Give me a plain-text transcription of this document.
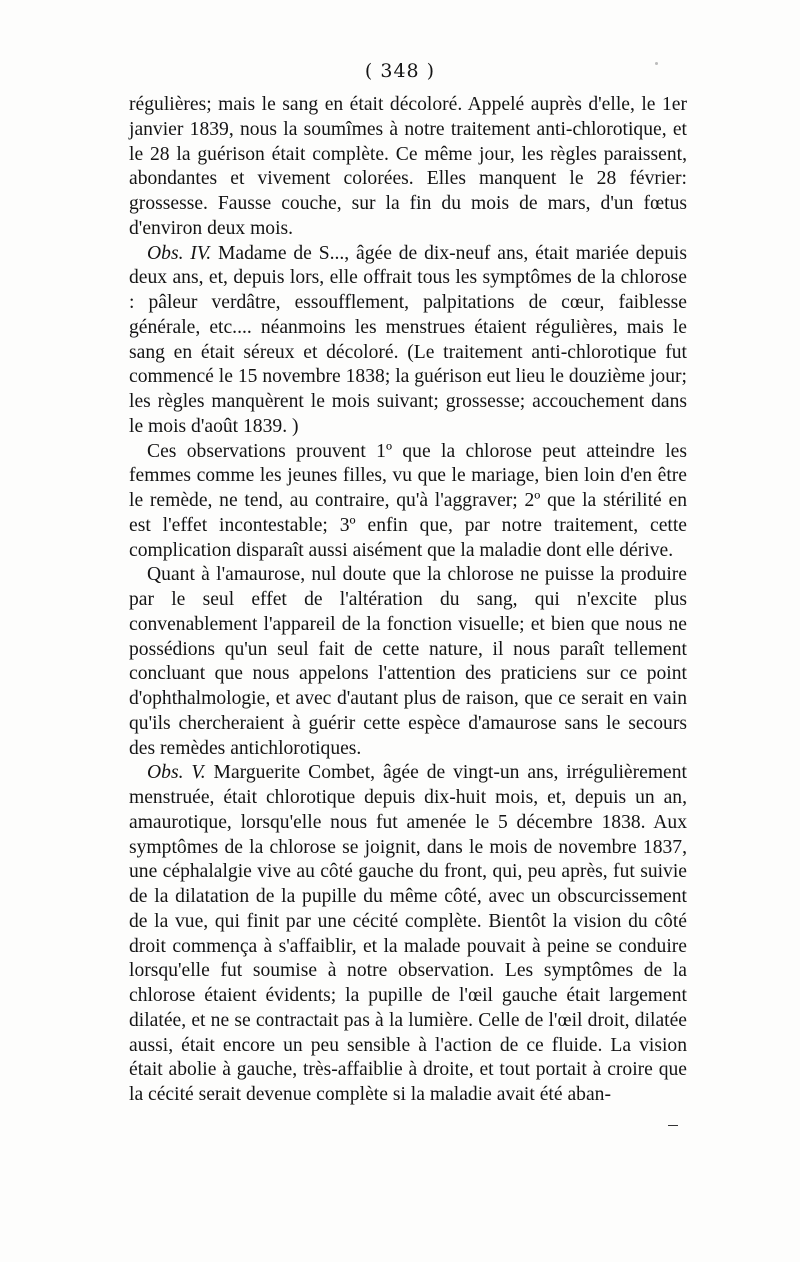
( 348 )

régulières; mais le sang en était décoloré. Appelé auprès d'elle, le 1er janvier 1839, nous la soumîmes à notre traitement anti-chlorotique, et le 28 la guérison était complète. Ce même jour, les règles paraissent, abondantes et vivement colorées. Elles manquent le 28 février: grossesse. Fausse couche, sur la fin du mois de mars, d'un fœtus d'environ deux mois.

Obs. IV. Madame de S..., âgée de dix-neuf ans, était mariée depuis deux ans, et, depuis lors, elle offrait tous les symptômes de la chlorose : pâleur verdâtre, essoufflement, palpitations de cœur, faiblesse générale, etc.... néanmoins les menstrues étaient régulières, mais le sang en était séreux et décoloré. (Le traitement anti-chlorotique fut commencé le 15 novembre 1838; la guérison eut lieu le douzième jour; les règles manquèrent le mois suivant; grossesse; accouchement dans le mois d'août 1839. )

Ces observations prouvent 1º que la chlorose peut atteindre les femmes comme les jeunes filles, vu que le mariage, bien loin d'en être le remède, ne tend, au contraire, qu'à l'aggraver; 2º que la stérilité en est l'effet incontestable; 3º enfin que, par notre traitement, cette complication disparaît aussi aisément que la maladie dont elle dérive.

Quant à l'amaurose, nul doute que la chlorose ne puisse la produire par le seul effet de l'altération du sang, qui n'excite plus convenablement l'appareil de la fonction visuelle; et bien que nous ne possédions qu'un seul fait de cette nature, il nous paraît tellement concluant que nous appelons l'attention des praticiens sur ce point d'ophthalmologie, et avec d'autant plus de raison, que ce serait en vain qu'ils chercheraient à guérir cette espèce d'amaurose sans le secours des remèdes antichlorotiques.

Obs. V. Marguerite Combet, âgée de vingt-un ans, irrégulièrement menstruée, était chlorotique depuis dix-huit mois, et, depuis un an, amaurotique, lorsqu'elle nous fut amenée le 5 décembre 1838. Aux symptômes de la chlorose se joignit, dans le mois de novembre 1837, une céphalalgie vive au côté gauche du front, qui, peu après, fut suivie de la dilatation de la pupille du même côté, avec un obscurcissement de la vue, qui finit par une cécité complète. Bientôt la vision du côté droit commença à s'affaiblir, et la malade pouvait à peine se conduire lorsqu'elle fut soumise à notre observation. Les symptômes de la chlorose étaient évidents; la pupille de l'œil gauche était largement dilatée, et ne se contractait pas à la lumière. Celle de l'œil droit, dilatée aussi, était encore un peu sensible à l'action de ce fluide. La vision était abolie à gauche, très-affaiblie à droite, et tout portait à croire que la cécité serait devenue complète si la maladie avait été aban-
